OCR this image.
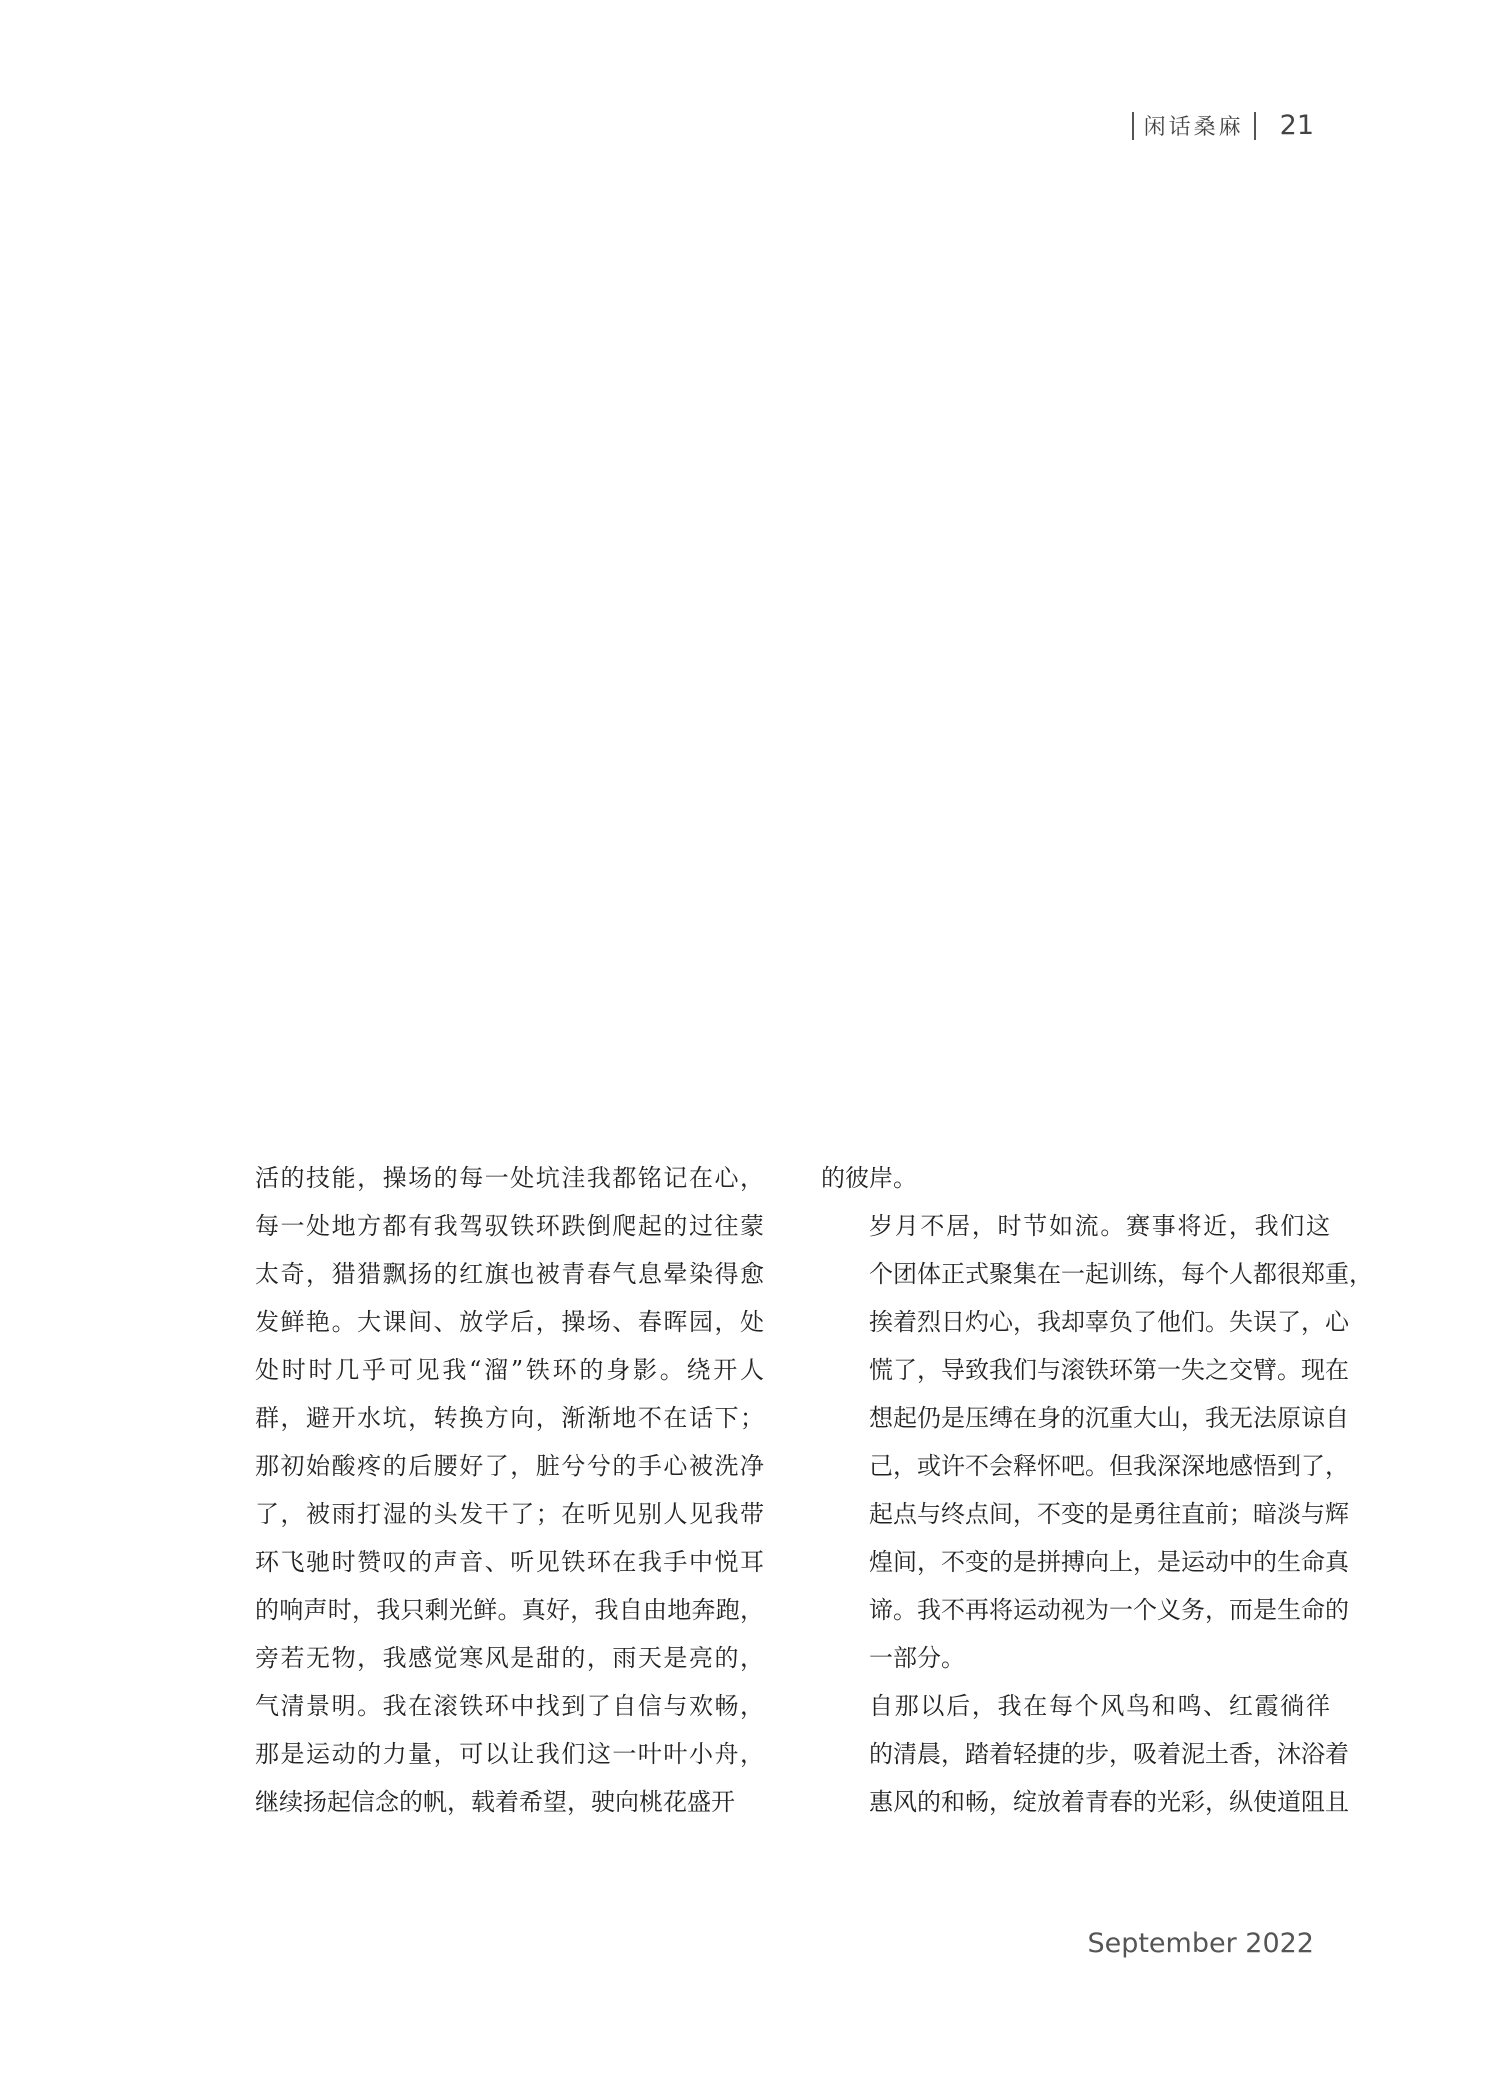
闲话桑麻 21

活的技能，操场的每一处坑洼我都铭记在心，
每一处地方都有我驾驭铁环跌倒爬起的过往蒙
太奇，猎猎飘扬的红旗也被青春气息晕染得愈
发鲜艳。大课间、放学后，操场、春晖园，处
处时时几乎可见我“溜”铁环的身影。绕开人
群，避开水坑，转换方向，渐渐地不在话下；
那初始酸疼的后腰好了，脏兮兮的手心被洗净
了，被雨打湿的头发干了；在听见别人见我带
环飞驰时赞叹的声音、听见铁环在我手中悦耳
的响声时，我只剩光鲜。真好，我自由地奔跑，
旁若无物，我感觉寒风是甜的，雨天是亮的，
气清景明。我在滚铁环中找到了自信与欢畅，
那是运动的力量，可以让我们这一叶叶小舟，
继续扬起信念的帆，载着希望，驶向桃花盛开

的彼岸。

岁月不居，时节如流。赛事将近，我们这
个团体正式聚集在一起训练，每个人都很郑重，
挨着烈日灼心，我却辜负了他们。失误了，心
慌了，导致我们与滚铁环第一失之交臂。现在
想起仍是压缚在身的沉重大山，我无法原谅自
己，或许不会释怀吧。但我深深地感悟到了，
起点与终点间，不变的是勇往直前；暗淡与辉
煌间，不变的是拼搏向上，是运动中的生命真
谛。我不再将运动视为一个义务，而是生命的
一部分。

自那以后，我在每个风鸟和鸣、红霞徜徉
的清晨，踏着轻捷的步，吸着泥土香，沐浴着
惠风的和畅，绽放着青春的光彩，纵使道阻且

September 2022
